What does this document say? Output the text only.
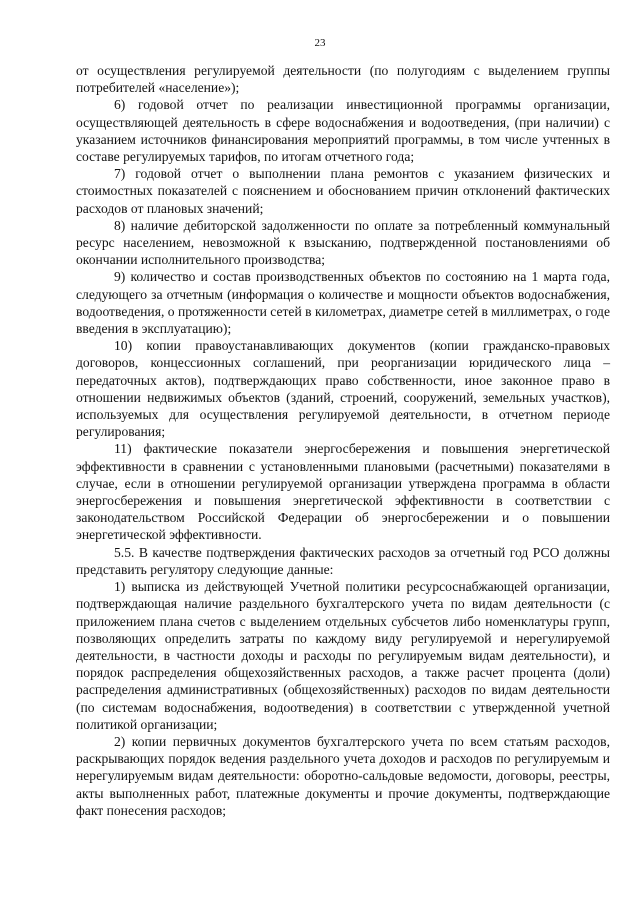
23

от осуществления регулируемой деятельности (по полугодиям с выделением группы потребителей «население»);

6) годовой отчет по реализации инвестиционной программы организации, осуществляющей деятельность в сфере водоснабжения и водоотведения, (при наличии) с указанием источников финансирования мероприятий программы, в том числе учтенных в составе регулируемых тарифов, по итогам отчетного года;

7) годовой отчет о выполнении плана ремонтов с указанием физических и стоимостных показателей с пояснением и обоснованием причин отклонений фактических расходов от плановых значений;

8) наличие дебиторской задолженности по оплате за потребленный коммунальный ресурс населением, невозможной к взысканию, подтвержденной постановлениями об окончании исполнительного производства;

9) количество и состав производственных объектов по состоянию на 1 марта года, следующего за отчетным (информация о количестве и мощности объектов водоснабжения, водоотведения, о протяженности сетей в километрах, диаметре сетей в миллиметрах, о годе введения в эксплуатацию);

10) копии правоустанавливающих документов (копии гражданско-правовых договоров, концессионных соглашений, при реорганизации юридического лица – передаточных актов), подтверждающих право собственности, иное законное право в отношении недвижимых объектов (зданий, строений, сооружений, земельных участков), используемых для осуществления регулируемой деятельности, в отчетном периоде регулирования;

11) фактические показатели энергосбережения и повышения энергетической эффективности в сравнении с установленными плановыми (расчетными) показателями в случае, если в отношении регулируемой организации утверждена программа в области энергосбережения и повышения энергетической эффективности в соответствии с законодательством Российской Федерации об энергосбережении и о повышении энергетической эффективности.

5.5. В качестве подтверждения фактических расходов за отчетный год РСО должны представить регулятору следующие данные:

1) выписка из действующей Учетной политики ресурсоснабжающей организации, подтверждающая наличие раздельного бухгалтерского учета по видам деятельности (с приложением плана счетов с выделением отдельных субсчетов либо номенклатуры групп, позволяющих определить затраты по каждому виду регулируемой и нерегулируемой деятельности, в частности доходы и расходы по регулируемым видам деятельности), и порядок распределения общехозяйственных расходов, а также расчет процента (доли) распределения административных (общехозяйственных) расходов по видам деятельности (по системам водоснабжения, водоотведения) в соответствии с утвержденной учетной политикой организации;

2) копии первичных документов бухгалтерского учета по всем статьям расходов, раскрывающих порядок ведения раздельного учета доходов и расходов по регулируемым и нерегулируемым видам деятельности: оборотно-сальдовые ведомости, договоры, реестры, акты выполненных работ, платежные документы и прочие документы, подтверждающие факт понесения расходов;
